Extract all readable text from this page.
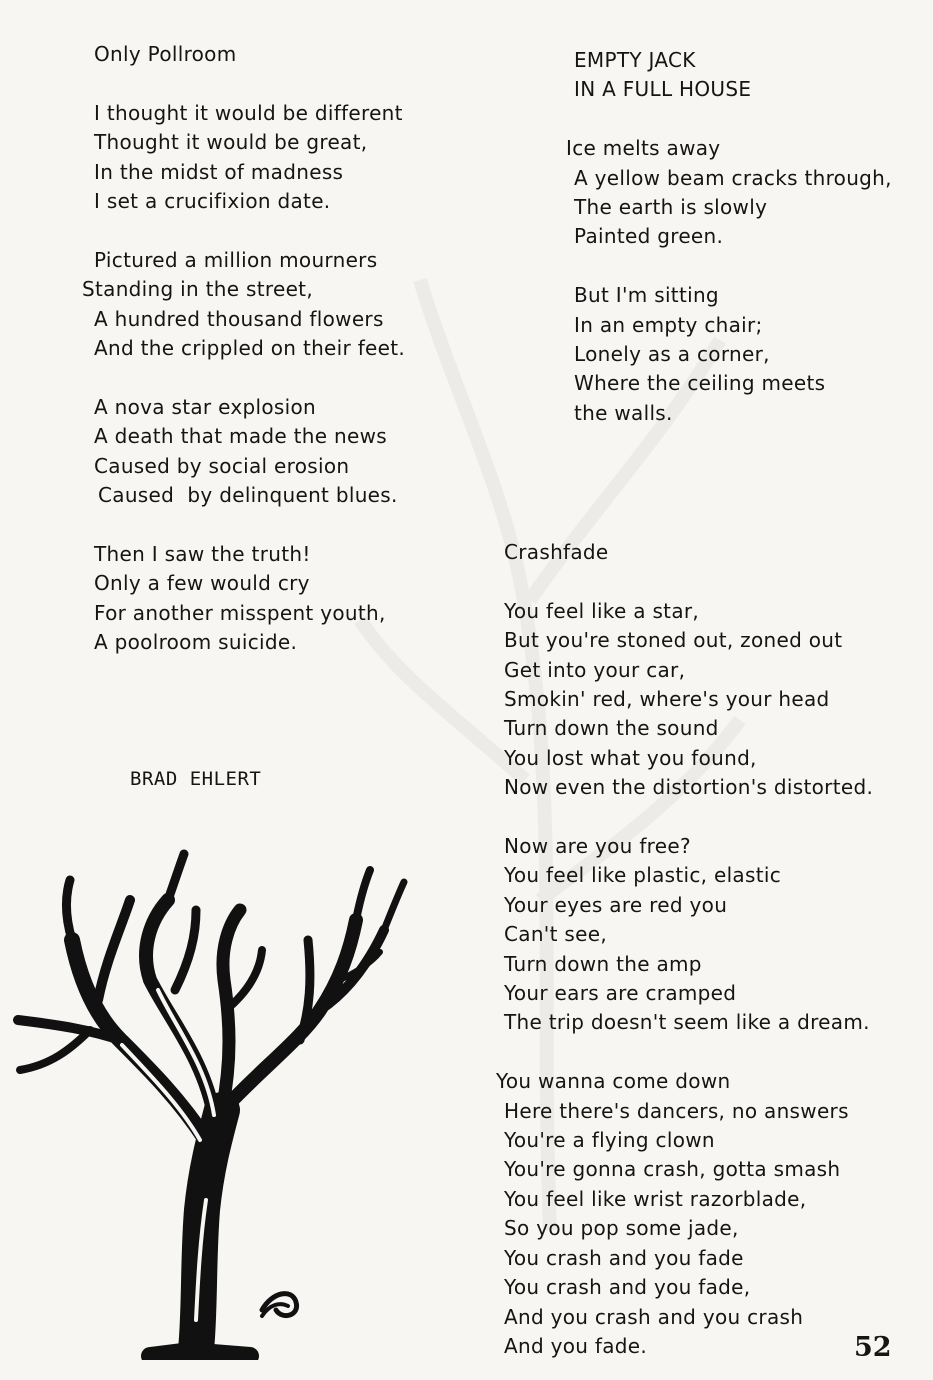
Only Pollroom
I thought it would be different
Thought it would be great,
In the midst of madness
I set a crucifixion date.
Pictured a million mourners
Standing in the street,
A hundred thousand flowers
And the crippled on their feet.
A nova star explosion
A death that made the news
Caused by social erosion
Caused  by delinquent blues.
Then I saw the truth!
Only a few would cry
For another misspent youth,
A poolroom suicide.
EMPTY JACK
IN A FULL HOUSE
Ice melts away
A yellow beam cracks through,
The earth is slowly
Painted green.
But I'm sitting
In an empty chair;
Lonely as a corner,
Where the ceiling meets
the walls.
Crashfade
You feel like a star,
But you're stoned out, zoned out
Get into your car,
Smokin' red, where's your head
Turn down the sound
You lost what you found,
Now even the distortion's distorted.
Now are you free?
You feel like plastic, elastic
Your eyes are red you
Can't see,
Turn down the amp
Your ears are cramped
The trip doesn't seem like a dream.
You wanna come down
Here there's dancers, no answers
You're a flying clown
You're gonna crash, gotta smash
You feel like wrist razorblade,
So you pop some jade,
You crash and you fade
You crash and you fade,
And you crash and you crash
And you fade.
BRAD EHLERT
52
